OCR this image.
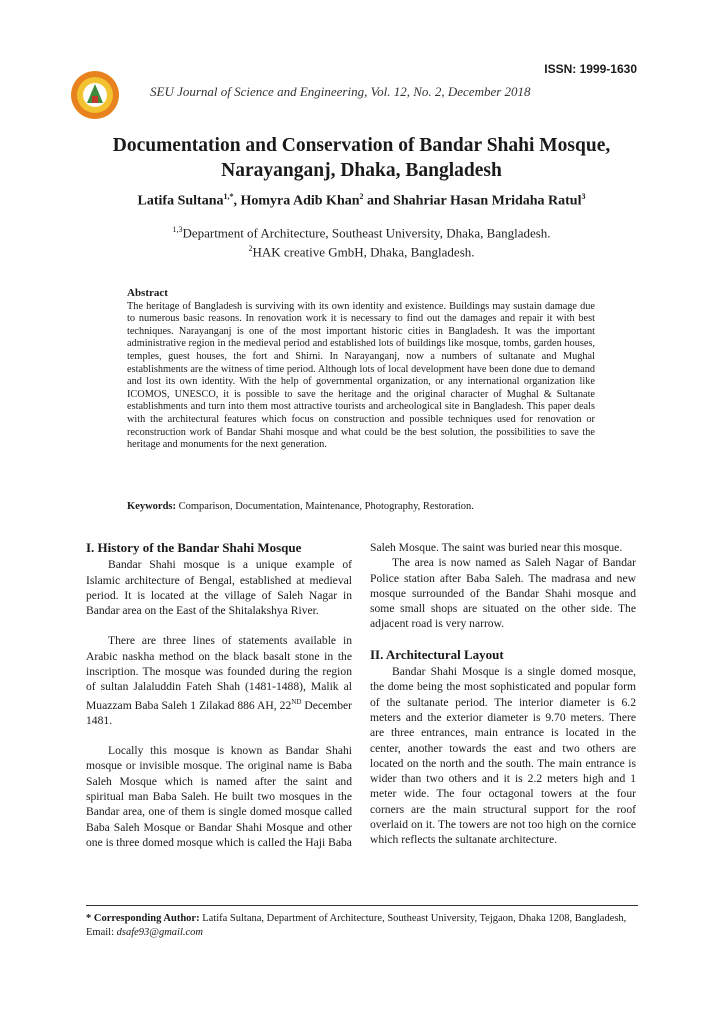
ISSN: 1999-1630
SEU Journal of Science and Engineering, Vol. 12, No. 2, December 2018
Documentation and Conservation of Bandar Shahi Mosque,
Narayanganj, Dhaka, Bangladesh
Latifa Sultana$^{1,*}$, Homyra Adib Khan$^2$ and Shahriar Hasan Mridaha Ratul$^3$
$^{1,3}$Department of Architecture, Southeast University, Dhaka, Bangladesh.
$^2$HAK creative GmbH, Dhaka, Bangladesh.
Abstract

The heritage of Bangladesh is surviving with its own identity and existence. Buildings may sustain damage due to numerous basic reasons. In renovation work it is necessary to find out the damages and repair it with best techniques. Narayanganj is one of the most important historic cities in Bangladesh. It was the important administrative region in the medieval period and established lots of buildings like mosque, tombs, garden houses, temples, guest houses, the fort and Shirni. In Narayanganj, now a numbers of sultanate and Mughal establishments are the witness of time period. Although lots of local development have been done due to demand and lost its own identity. With the help of governmental organization, or any international organization like ICOMOS, UNESCO, it is possible to save the heritage and the original character of Mughal & Sultanate establishments and turn into them most attractive tourists and archeological site in Bangladesh. This paper deals with the architectural features which focus on construction and possible techniques used for renovation or reconstruction work of Bandar Shahi mosque and what could be the best solution, the possibilities to save the heritage and monuments for the next generation.

Keywords: Comparison, Documentation, Maintenance, Photography, Restoration.
I. History of the Bandar Shahi Mosque

Bandar Shahi mosque is a unique example of Islamic architecture of Bengal, established at medieval period. It is located at the village of Saleh Nagar in Bandar area on the East of the Shitalakshya River.

There are three lines of statements available in Arabic naskha method on the black basalt stone in the inscription. The mosque was founded during the region of sultan Jalaluddin Fateh Shah (1481-1488), Malik al Muazzam Baba Saleh 1 Zilakad 886 AH, 22ND December 1481.

Locally this mosque is known as Bandar Shahi mosque or invisible mosque. The original name is Baba Saleh Mosque which is named after the saint and spiritual man Baba Saleh. He built two mosques in the Bandar area, one of them is single domed mosque called Baba Saleh Mosque or Bandar Shahi Mosque and other one is three domed mosque which is called the Haji Baba

Saleh Mosque. The saint was buried near this mosque.

The area is now named as Saleh Nagar of Bandar Police station after Baba Saleh. The madrasa and new mosque surrounded of the Bandar Shahi mosque and some small shops are situated on the other side. The adjacent road is very narrow.

II. Architectural Layout

Bandar Shahi Mosque is a single domed mosque, the dome being the most sophisticated and popular form of the sultanate period. The interior diameter is 6.2 meters and the exterior diameter is 9.70 meters. There are three entrances, main entrance is located in the center, another towards the east and two others are located on the north and the south. The main entrance is wider than two others and it is 2.2 meters high and 1 meter wide. The four octagonal towers at the four corners are the main structural support for the roof overlaid on it. The towers are not too high on the cornice which reflects the sultanate architecture.

* Corresponding Author: Latifa Sultana, Department of Architecture, Southeast University, Tejgaon, Dhaka 1208, Bangladesh, Email: dsafe93@gmail.com
